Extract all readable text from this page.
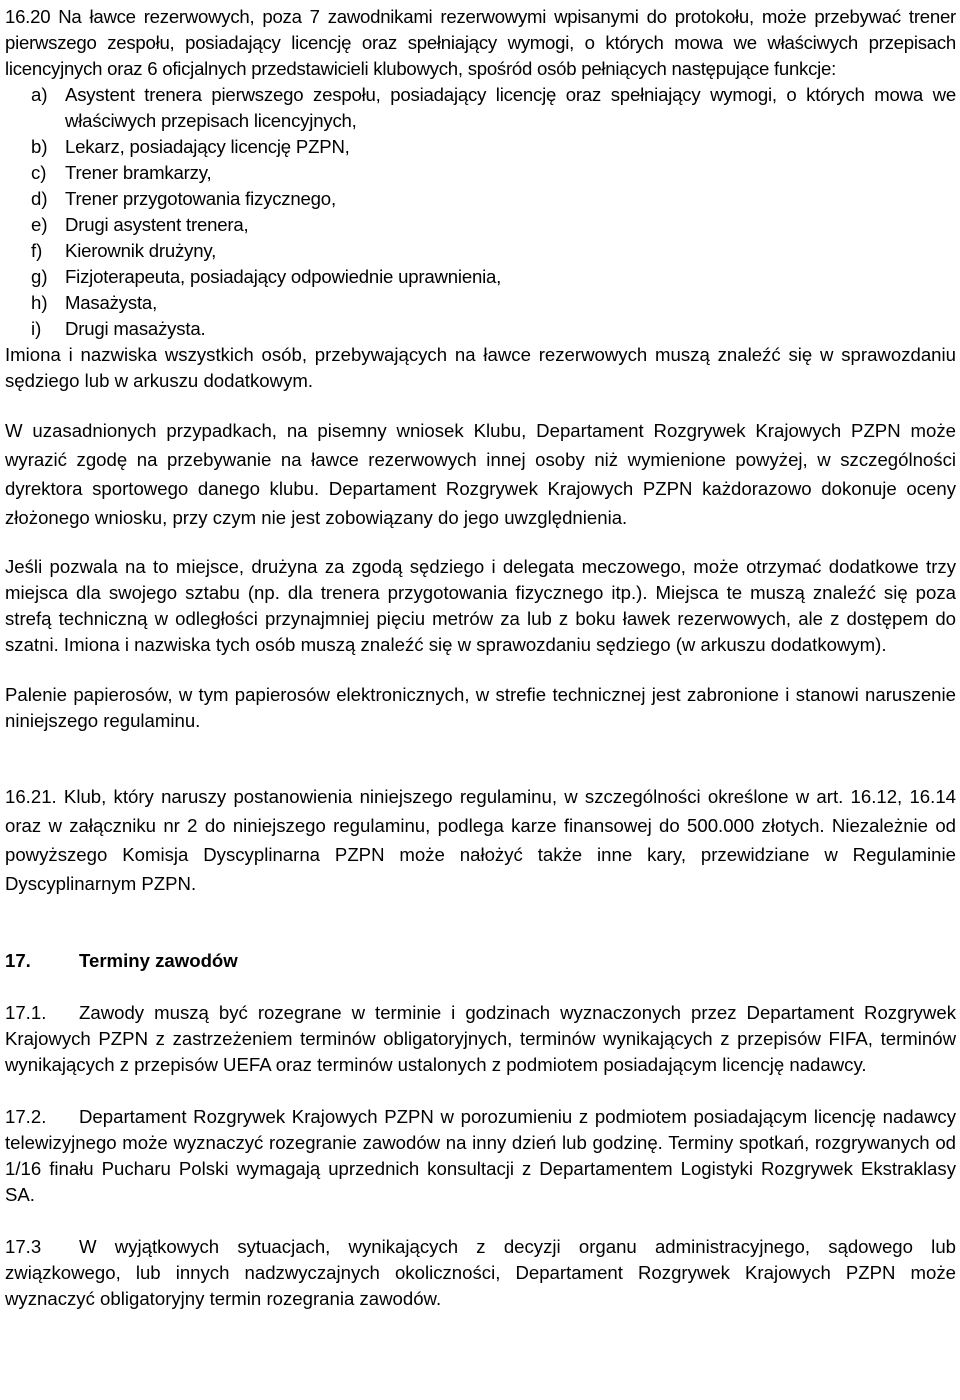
16.20 Na ławce rezerwowych, poza 7 zawodnikami rezerwowymi wpisanymi do protokołu, może przebywać trener pierwszego zespołu, posiadający licencję oraz spełniający wymogi, o których mowa we właściwych przepisach licencyjnych oraz 6 oficjalnych przedstawicieli klubowych, spośród osób pełniących następujące funkcje:

a) Asystent trenera pierwszego zespołu, posiadający licencję oraz spełniający wymogi, o których mowa we właściwych przepisach licencyjnych,
b) Lekarz, posiadający licencję PZPN,
c) Trener bramkarzy,
d) Trener przygotowania fizycznego,
e) Drugi asystent trenera,
f)	Kierownik drużyny,
g) Fizjoterapeuta, posiadający odpowiednie uprawnienia,
h) Masażysta,
i)	Drugi masażysta.

Imiona i nazwiska wszystkich osób, przebywających na ławce rezerwowych muszą znaleźć się w sprawozdaniu sędziego lub w arkuszu dodatkowym.

W uzasadnionych przypadkach, na pisemny wniosek Klubu, Departament Rozgrywek Krajowych PZPN może wyrazić zgodę na przebywanie na ławce rezerwowych innej osoby niż wymienione powyżej, w szczególności dyrektora sportowego danego klubu. Departament Rozgrywek Krajowych PZPN każdorazowo dokonuje oceny złożonego wniosku, przy czym nie jest zobowiązany do jego uwzględnienia.

Jeśli pozwala na to miejsce, drużyna za zgodą sędziego i delegata meczowego, może otrzymać dodatkowe trzy miejsca dla swojego sztabu (np. dla trenera przygotowania fizycznego itp.). Miejsca te muszą znaleźć się poza strefą techniczną w odległości przynajmniej pięciu metrów za lub z boku ławek rezerwowych, ale z dostępem do szatni. Imiona i nazwiska tych osób muszą znaleźć się w sprawozdaniu sędziego (w arkuszu dodatkowym).

Palenie papierosów, w tym papierosów elektronicznych, w strefie technicznej jest zabronione i stanowi naruszenie niniejszego regulaminu.

16.21. Klub, który naruszy postanowienia niniejszego regulaminu, w szczególności określone w art. 16.12, 16.14 oraz w załączniku nr 2 do niniejszego regulaminu, podlega karze finansowej do 500.000 złotych. Niezależnie od powyższego Komisja Dyscyplinarna PZPN może nałożyć także inne kary, przewidziane w Regulaminie Dyscyplinarnym PZPN.

17.	Terminy zawodów

17.1. Zawody muszą być rozegrane w terminie i godzinach wyznaczonych przez Departament Rozgrywek Krajowych PZPN z zastrzeżeniem terminów obligatoryjnych, terminów wynikających z przepisów FIFA, terminów wynikających z przepisów UEFA oraz terminów ustalonych z podmiotem posiadającym licencję nadawcy.

17.2. Departament Rozgrywek Krajowych PZPN w porozumieniu z podmiotem posiadającym licencję nadawcy telewizyjnego może wyznaczyć rozegranie zawodów na inny dzień lub godzinę. Terminy spotkań, rozgrywanych od 1/16 finału Pucharu Polski wymagają uprzednich konsultacji z Departamentem Logistyki Rozgrywek Ekstraklasy SA.

17.3 W wyjątkowych sytuacjach, wynikających z decyzji organu administracyjnego, sądowego lub związkowego, lub innych nadzwyczajnych okoliczności, Departament Rozgrywek Krajowych PZPN może wyznaczyć obligatoryjny termin rozegrania zawodów.
